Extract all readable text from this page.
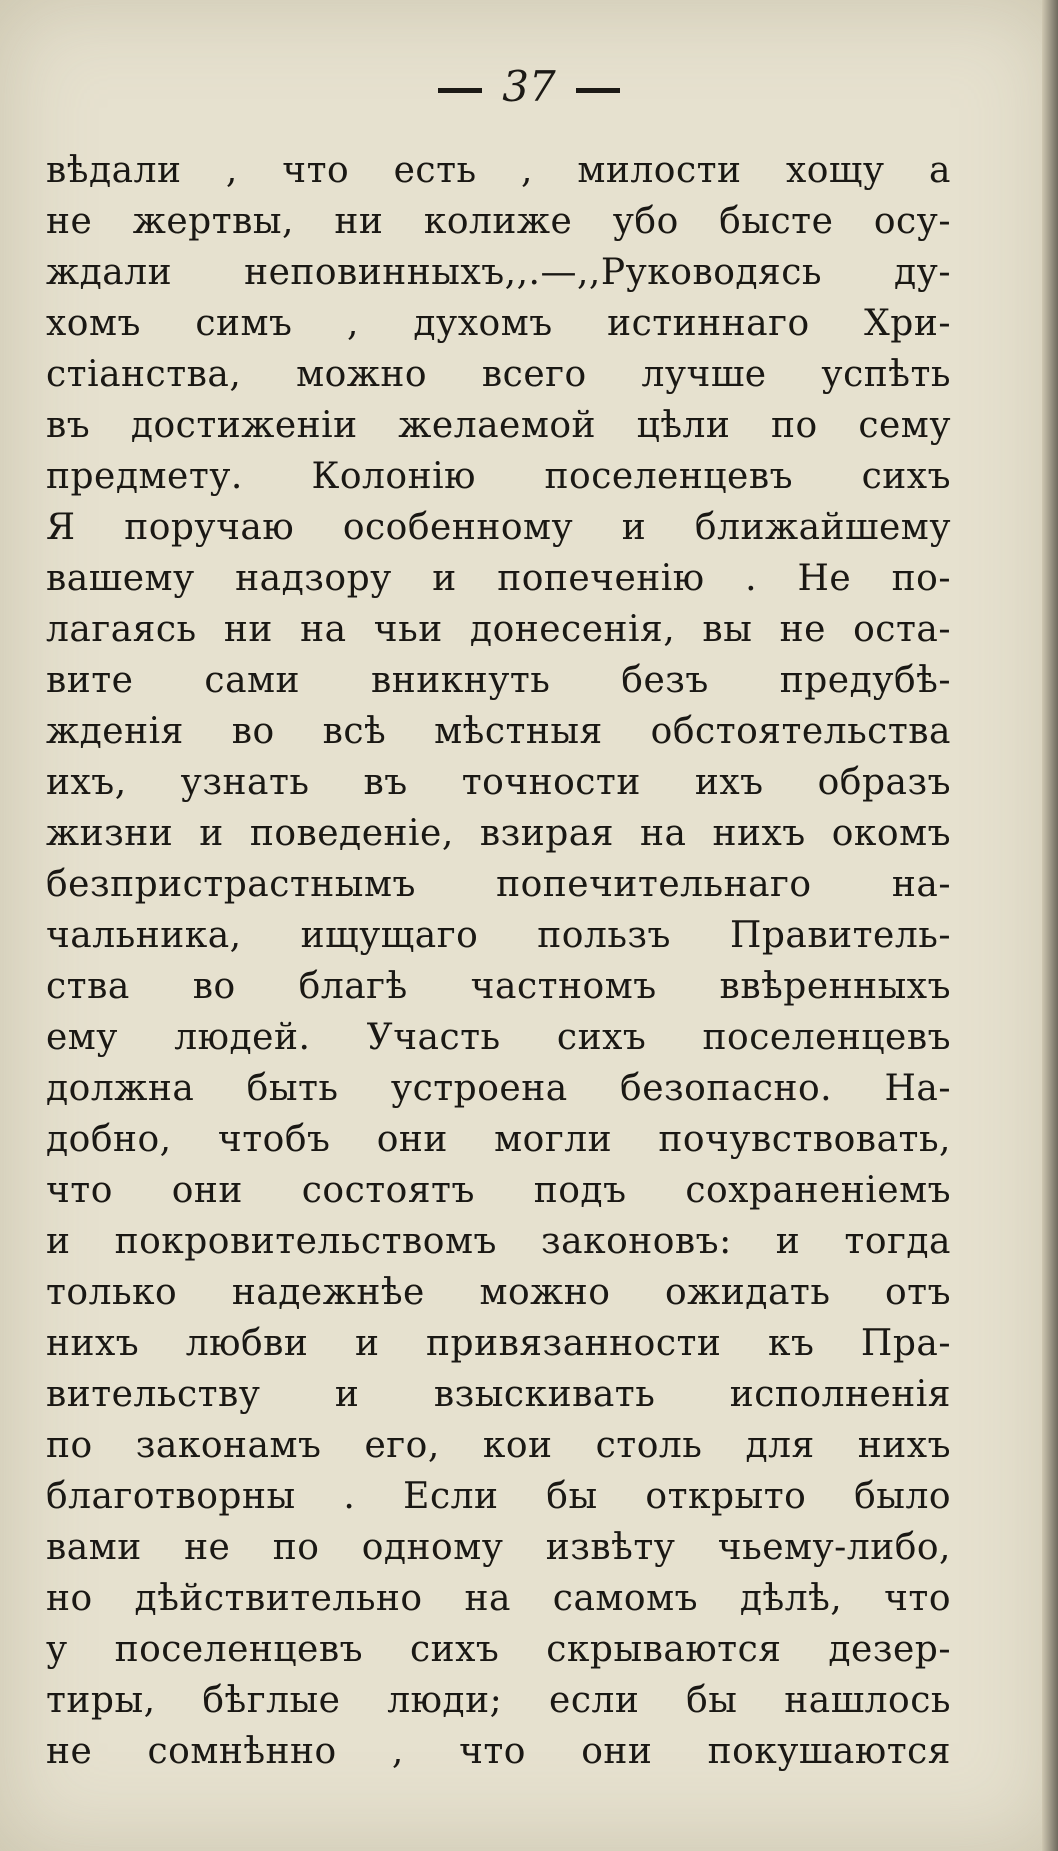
37
вѣдали , что есть , милости хощу а
не жертвы, ни колиже убо бысте осу-
ждали неповинныхъ,,.—,,Руководясь ду-
хомъ симъ , духомъ истиннаго Хри-
стіанства, можно всего лучше успѣть
въ достиженіи желаемой цѣли по сему
предмету. Колонію поселенцевъ сихъ
Я поручаю особенному и ближайшему
вашему надзору и попеченію . Не по-
лагаясь ни на чьи донесенія, вы не оста-
вите сами вникнуть безъ предубѣ-
жденія во всѣ мѣстныя обстоятельства
ихъ, узнать въ точности ихъ образъ
жизни и поведеніе, взирая на нихъ окомъ
безпристрастнымъ попечительнаго на-
чальника, ищущаго пользъ Правитель-
ства во благѣ частномъ ввѣренныхъ
ему людей. Участь сихъ поселенцевъ
должна быть устроена безопасно. На-
добно, чтобъ они могли почувствовать,
что они состоятъ подъ сохраненіемъ
и покровительствомъ законовъ: и тогда
только надежнѣе можно ожидать отъ
нихъ любви и привязанности къ Пра-
вительству и взыскивать исполненія
по законамъ его, кои столь для нихъ
благотворны . Если бы открыто было
вами не по одному извѣту чьему-либо,
но дѣйствительно на самомъ дѣлѣ, что
у поселенцевъ сихъ скрываются дезер-
тиры, бѣглые люди; если бы нашлось
не сомнѣнно , что они покушаются
